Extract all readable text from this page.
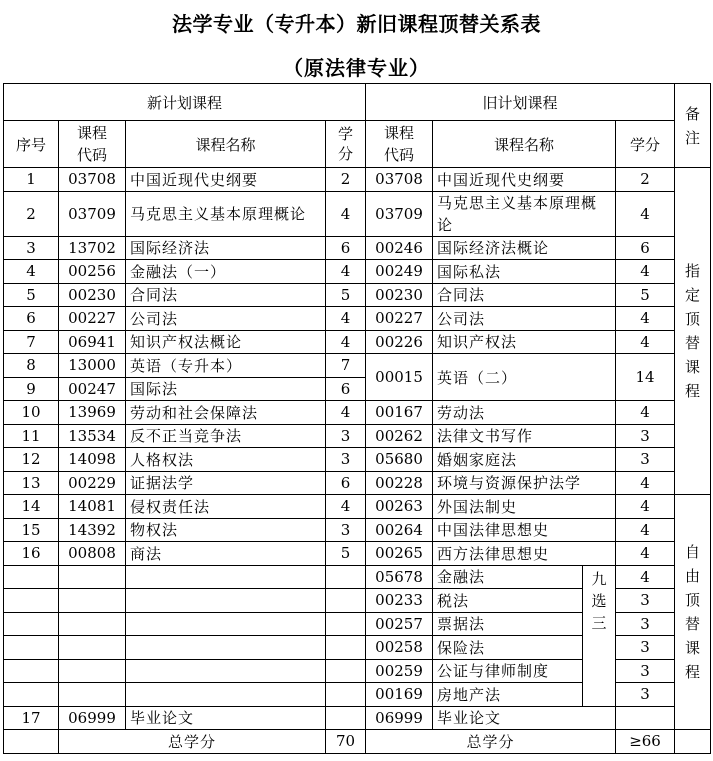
法学专业（专升本）新旧课程顶替关系表
（原法律专业）
新计划课程				旧计划课程				备注
序号	课程代码	课程名称	学分	课程代码	课程名称		学分	
1	03708	中国近现代史纲要	2	03708	中国近现代史纲要		2	指定顶替课程
2	03709	马克思主义基本原理概论	4	03709	马克思主义基本原理概论		4	
3	13702	国际经济法	6	00246	国际经济法概论		6	
4	00256	金融法（一）	4	00249	国际私法		4	
5	00230	合同法	5	00230	合同法		5	
6	00227	公司法	4	00227	公司法		4	
7	06941	知识产权法概论	4	00226	知识产权法		4	
8	13000	英语（专升本）	7	00015	英语（二）		14	
9	00247	国际法	6					
10	13969	劳动和社会保障法	4	00167	劳动法		4	
11	13534	反不正当竞争法	3	00262	法律文书写作		3	
12	14098	人格权法	3	05680	婚姻家庭法		3	
13	00229	证据法学	6	00228	环境与资源保护法学		4	
14	14081	侵权责任法	4	00263	外国法制史		4	自由顶替课程
15	14392	物权法	3	00264	中国法律思想史		4	
16	00808	商法	5	00265	西方法律思想史		4	
				05678	金融法	九选三	4	
				00233	税法		3	
				00257	票据法		3	
				00258	保险法		3	
				00259	公证与律师制度		3	
				00169	房地产法		3	
17	06999	毕业论文		06999	毕业论文			
	总学分		70	总学分			≥66	
